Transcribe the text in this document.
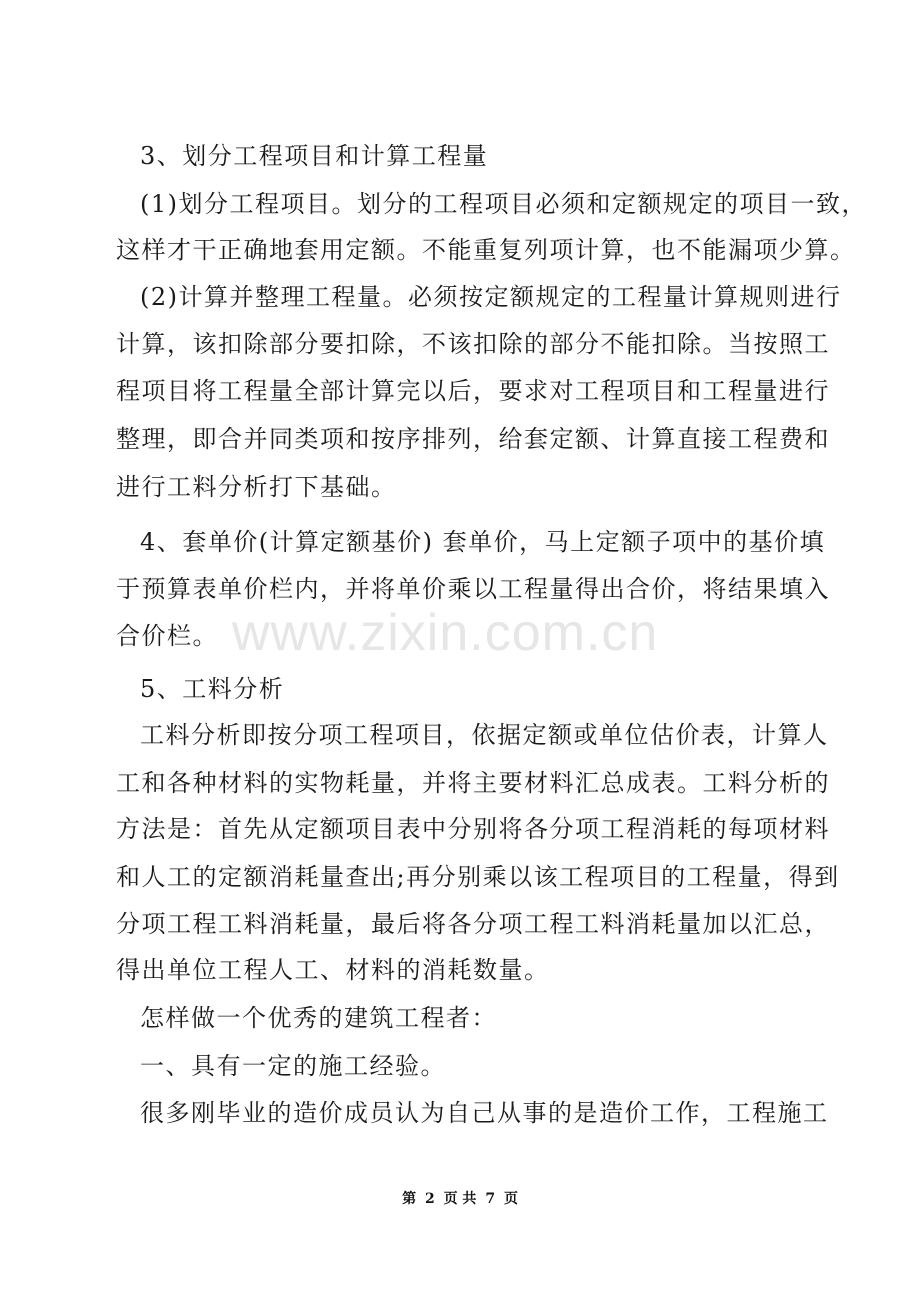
www.zixin.com.cn
3、划分工程项目和计算工程量
(1)划分工程项目。划分的工程项目必须和定额规定的项目一致，
这样才干正确地套用定额。不能重复列项计算，也不能漏项少算。
(2)计算并整理工程量。必须按定额规定的工程量计算规则进行
计算，该扣除部分要扣除，不该扣除的部分不能扣除。当按照工
程项目将工程量全部计算完以后，要求对工程项目和工程量进行
整理，即合并同类项和按序排列，给套定额、计算直接工程费和
进行工料分析打下基础。
4、套单价(计算定额基价) 套单价，马上定额子项中的基价填
于预算表单价栏内，并将单价乘以工程量得出合价，将结果填入
合价栏。
5、工料分析
工料分析即按分项工程项目，依据定额或单位估价表，计算人
工和各种材料的实物耗量，并将主要材料汇总成表。工料分析的
方法是：首先从定额项目表中分别将各分项工程消耗的每项材料
和人工的定额消耗量查出;再分别乘以该工程项目的工程量，得到
分项工程工料消耗量，最后将各分项工程工料消耗量加以汇总，
得出单位工程人工、材料的消耗数量。
怎样做一个优秀的建筑工程者：
一、具有一定的施工经验。
很多刚毕业的造价成员认为自己从事的是造价工作，工程施工
第 2 页 共 7 页
